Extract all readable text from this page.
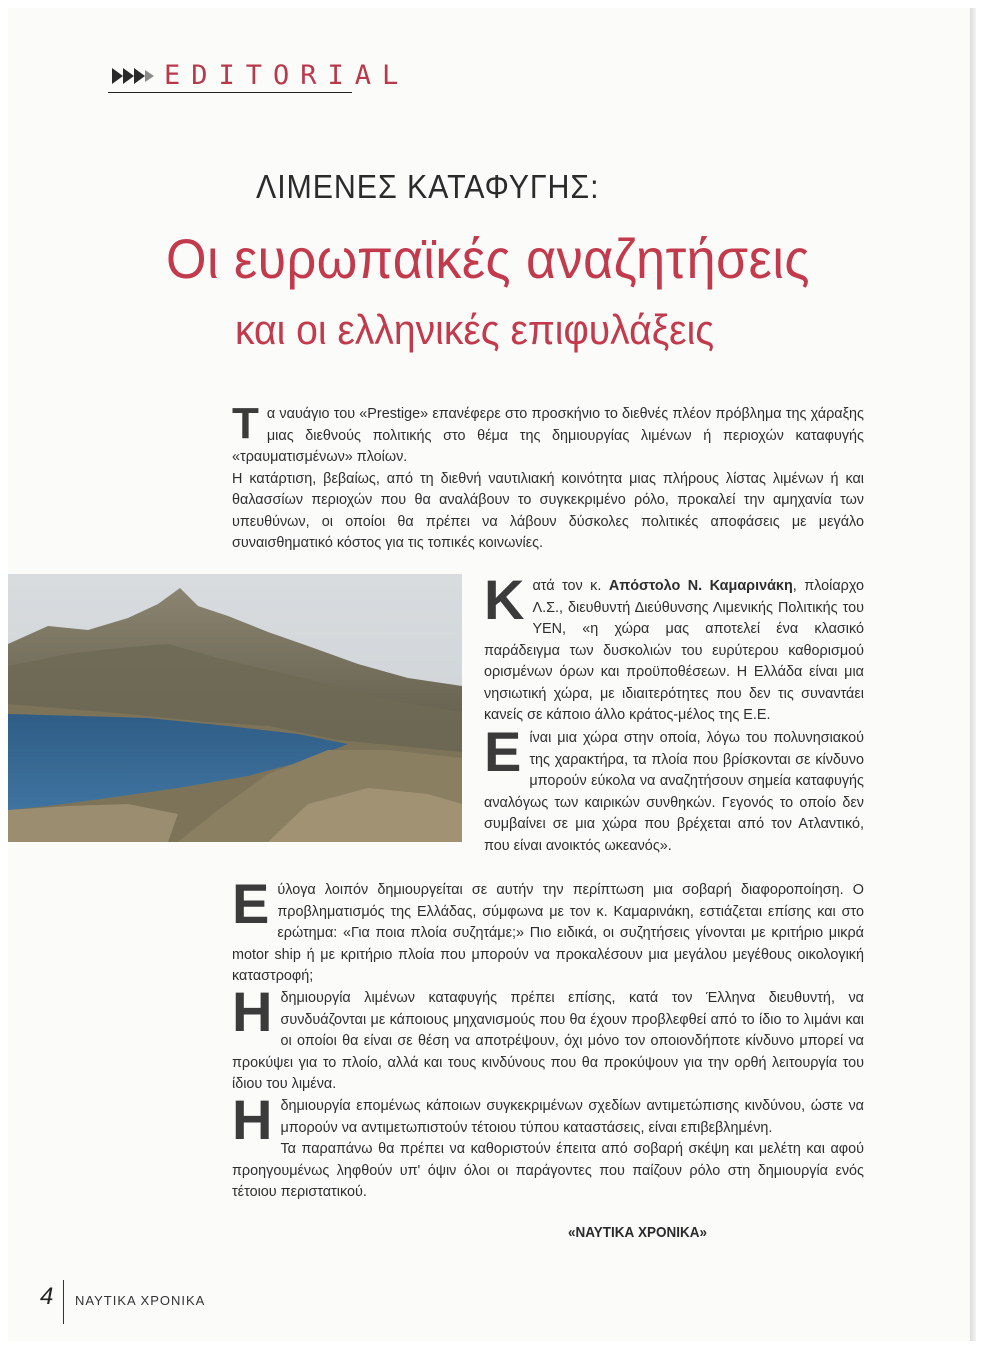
EDITORIAL
ΛΙΜΕΝΕΣ ΚΑΤΑΦΥΓΗΣ:
Οι ευρωπαϊκές αναζητήσεις
και οι ελληνικές επιφυλάξεις
Τ α ναυάγιο του «Prestige» επανέφερε στο προσκήνιο το διεθνές πλέον πρόβλημα της χάραξης μιας διεθνούς πολιτικής στο θέμα της δημιουργίας λιμένων ή περιοχών καταφυγής «τραυματισμένων» πλοίων.

Η κατάρτιση, βεβαίως, από τη διεθνή ναυτιλιακή κοινότητα μιας πλήρους λίστας λιμένων ή και θαλασσίων περιοχών που θα αναλάβουν το συγκεκριμένο ρόλο, προκαλεί την αμηχανία των υπευθύνων, οι οποίοι θα πρέπει να λάβουν δύσκολες πολιτικές αποφάσεις με μεγάλο συναισθηματικό κόστος για τις τοπικές κοινωνίες.

Κ ατά τον κ. Απόστολο Ν. Καμαρινάκη, πλοίαρχο Λ.Σ., διευθυντή Διεύθυνσης Λιμενικής Πολιτικής του ΥΕΝ, «η χώρα μας αποτελεί ένα κλασικό παράδειγμα των δυσκολιών του ευρύτερου καθορισμού ορισμένων όρων και προϋποθέσεων. Η Ελλάδα είναι μια νησιωτική χώρα, με ιδιαιτερότητες που δεν τις συναντάει κανείς σε κάποιο άλλο κράτος-μέλος της Ε.Ε.

Ε ίναι μια χώρα στην οποία, λόγω του πολυνησιακού της χαρακτήρα, τα πλοία που βρίσκονται σε κίνδυνο μπορούν εύκολα να αναζητήσουν σημεία καταφυγής αναλόγως των καιρικών συνθηκών. Γεγονός το οποίο δεν συμβαίνει σε μια χώρα που βρέχεται από τον Ατλαντικό, που είναι ανοικτός ωκεανός».

Ε ύλογα λοιπόν δημιουργείται σε αυτήν την περίπτωση μια σοβαρή διαφοροποίηση. Ο προβληματισμός της Ελλάδας, σύμφωνα με τον κ. Καμαρινάκη, εστιάζεται επίσης και στο ερώτημα: «Για ποια πλοία συζητάμε;» Πιο ειδικά, οι συζητήσεις γίνονται με κριτήριο μικρά motor ship ή με κριτήριο πλοία που μπορούν να προκαλέσουν μια μεγάλου μεγέθους οικολογική καταστροφή;

Η δημιουργία λιμένων καταφυγής πρέπει επίσης, κατά τον Έλληνα διευθυντή, να συνδυάζονται με κάποιους μηχανισμούς που θα έχουν προβλεφθεί από το ίδιο το λιμάνι και οι οποίοι θα είναι σε θέση να αποτρέψουν, όχι μόνο τον οποιονδήποτε κίνδυνο μπορεί να προκύψει για το πλοίο, αλλά και τους κινδύνους που θα προκύψουν για την ορθή λειτουργία του ίδιου του λιμένα.

Η δημιουργία επομένως κάποιων συγκεκριμένων σχεδίων αντιμετώπισης κινδύνου, ώστε να μπορούν να αντιμετωπιστούν τέτοιου τύπου καταστάσεις, είναι επιβεβλημένη.

Τα παραπάνω θα πρέπει να καθοριστούν έπειτα από σοβαρή σκέψη και μελέτη και αφού προηγουμένως ληφθούν υπ' όψιν όλοι οι παράγοντες που παίζουν ρόλο στη δημιουργία ενός τέτοιου περιστατικού.

«ΝΑΥΤΙΚΑ ΧΡΟΝΙΚΑ»
4 ΝΑΥΤΙΚΑ ΧΡΟΝΙΚΑ
